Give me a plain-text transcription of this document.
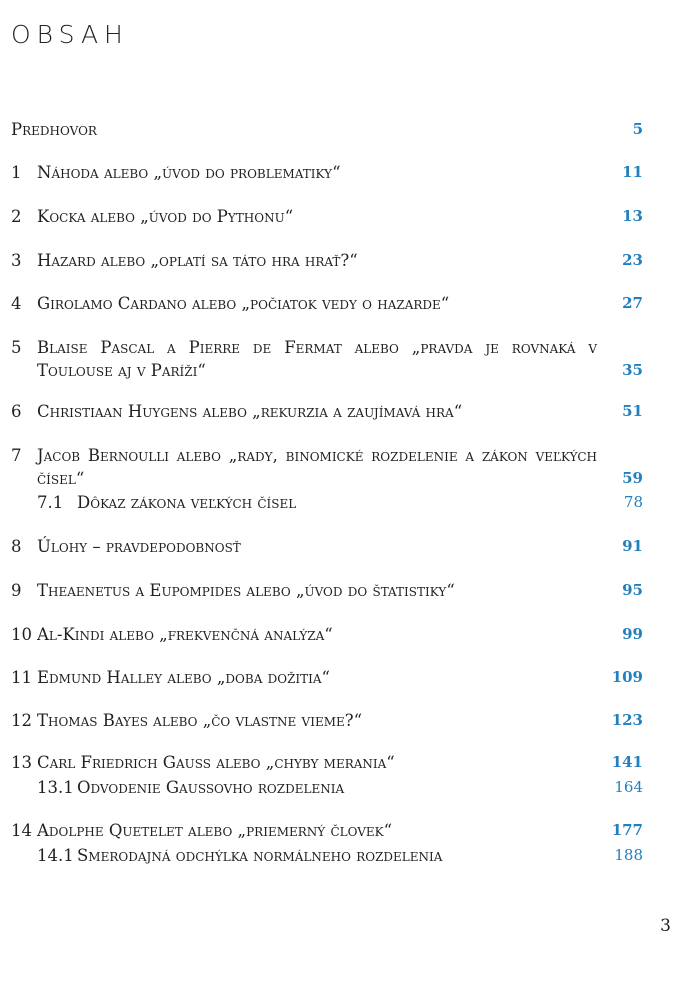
OBSAH
Predhovor	5
1 Náhoda alebo „úvod do problematiky“	11
2 Kocka alebo „úvod do Pythonu“	13
3 Hazard alebo „oplatí sa táto hra hrať?“	23
4 Girolamo Cardano alebo „počiatok vedy o hazarde“	27
5 Blaise Pascal a Pierre de Fermat alebo „pravda je rovnaká v Toulouse aj v Paríži“	35
6 Christiaan Huygens alebo „rekurzia a zaujímavá hra“	51
7 Jacob Bernoulli alebo „rady, binomické rozdelenie a zákon veľkých čísel“	59
7.1 Dôkaz zákona veľkých čísel	78
8 Úlohy – pravdepodobnosť	91
9 Theaenetus a Eupompides alebo „úvod do štatistiky“	95
10 Al-Kindi alebo „frekvenčná analýza“	99
11 Edmund Halley alebo „doba dožitia“	109
12 Thomas Bayes alebo „čo vlastne vieme?“	123
13 Carl Friedrich Gauss alebo „chyby merania“	141
13.1 Odvodenie Gaussovho rozdelenia	164
14 Adolphe Quetelet alebo „priemerný človek“	177
14.1 Smerodajná odchýlka normálneho rozdelenia	188
3
